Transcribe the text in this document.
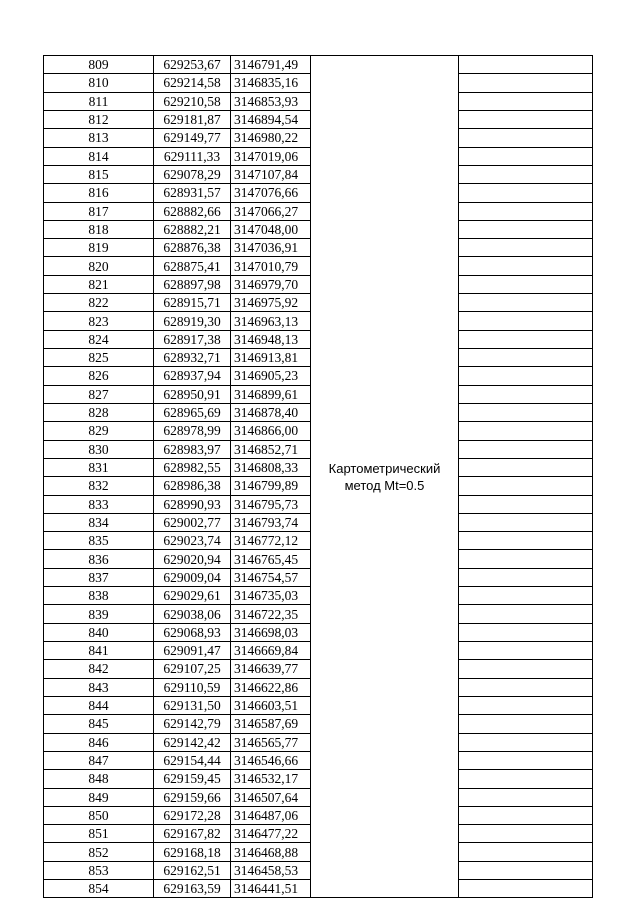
809	629253,67	3146791,49	Картометрический
метод Mt=0.5	

810	629214,58	3146835,16		
811	629210,58	3146853,93		
812	629181,87	3146894,54		
813	629149,77	3146980,22		
814	629111,33	3147019,06		
815	629078,29	3147107,84		
816	628931,57	3147076,66		
817	628882,66	3147066,27		
818	628882,21	3147048,00		
819	628876,38	3147036,91		
820	628875,41	3147010,79		
821	628897,98	3146979,70		
822	628915,71	3146975,92		
823	628919,30	3146963,13		
824	628917,38	3146948,13		
825	628932,71	3146913,81		
826	628937,94	3146905,23		
827	628950,91	3146899,61		
828	628965,69	3146878,40		
829	628978,99	3146866,00		
830	628983,97	3146852,71		
831	628982,55	3146808,33		
832	628986,38	3146799,89		
833	628990,93	3146795,73		
834	629002,77	3146793,74		
835	629023,74	3146772,12		
836	629020,94	3146765,45		
837	629009,04	3146754,57		
838	629029,61	3146735,03		
839	629038,06	3146722,35		
840	629068,93	3146698,03		
841	629091,47	3146669,84		
842	629107,25	3146639,77		
843	629110,59	3146622,86		
844	629131,50	3146603,51		
845	629142,79	3146587,69		
846	629142,42	3146565,77		
847	629154,44	3146546,66		
848	629159,45	3146532,17		
849	629159,66	3146507,64		
850	629172,28	3146487,06		
851	629167,82	3146477,22		
852	629168,18	3146468,88		
853	629162,51	3146458,53		
854	629163,59	3146441,51		
